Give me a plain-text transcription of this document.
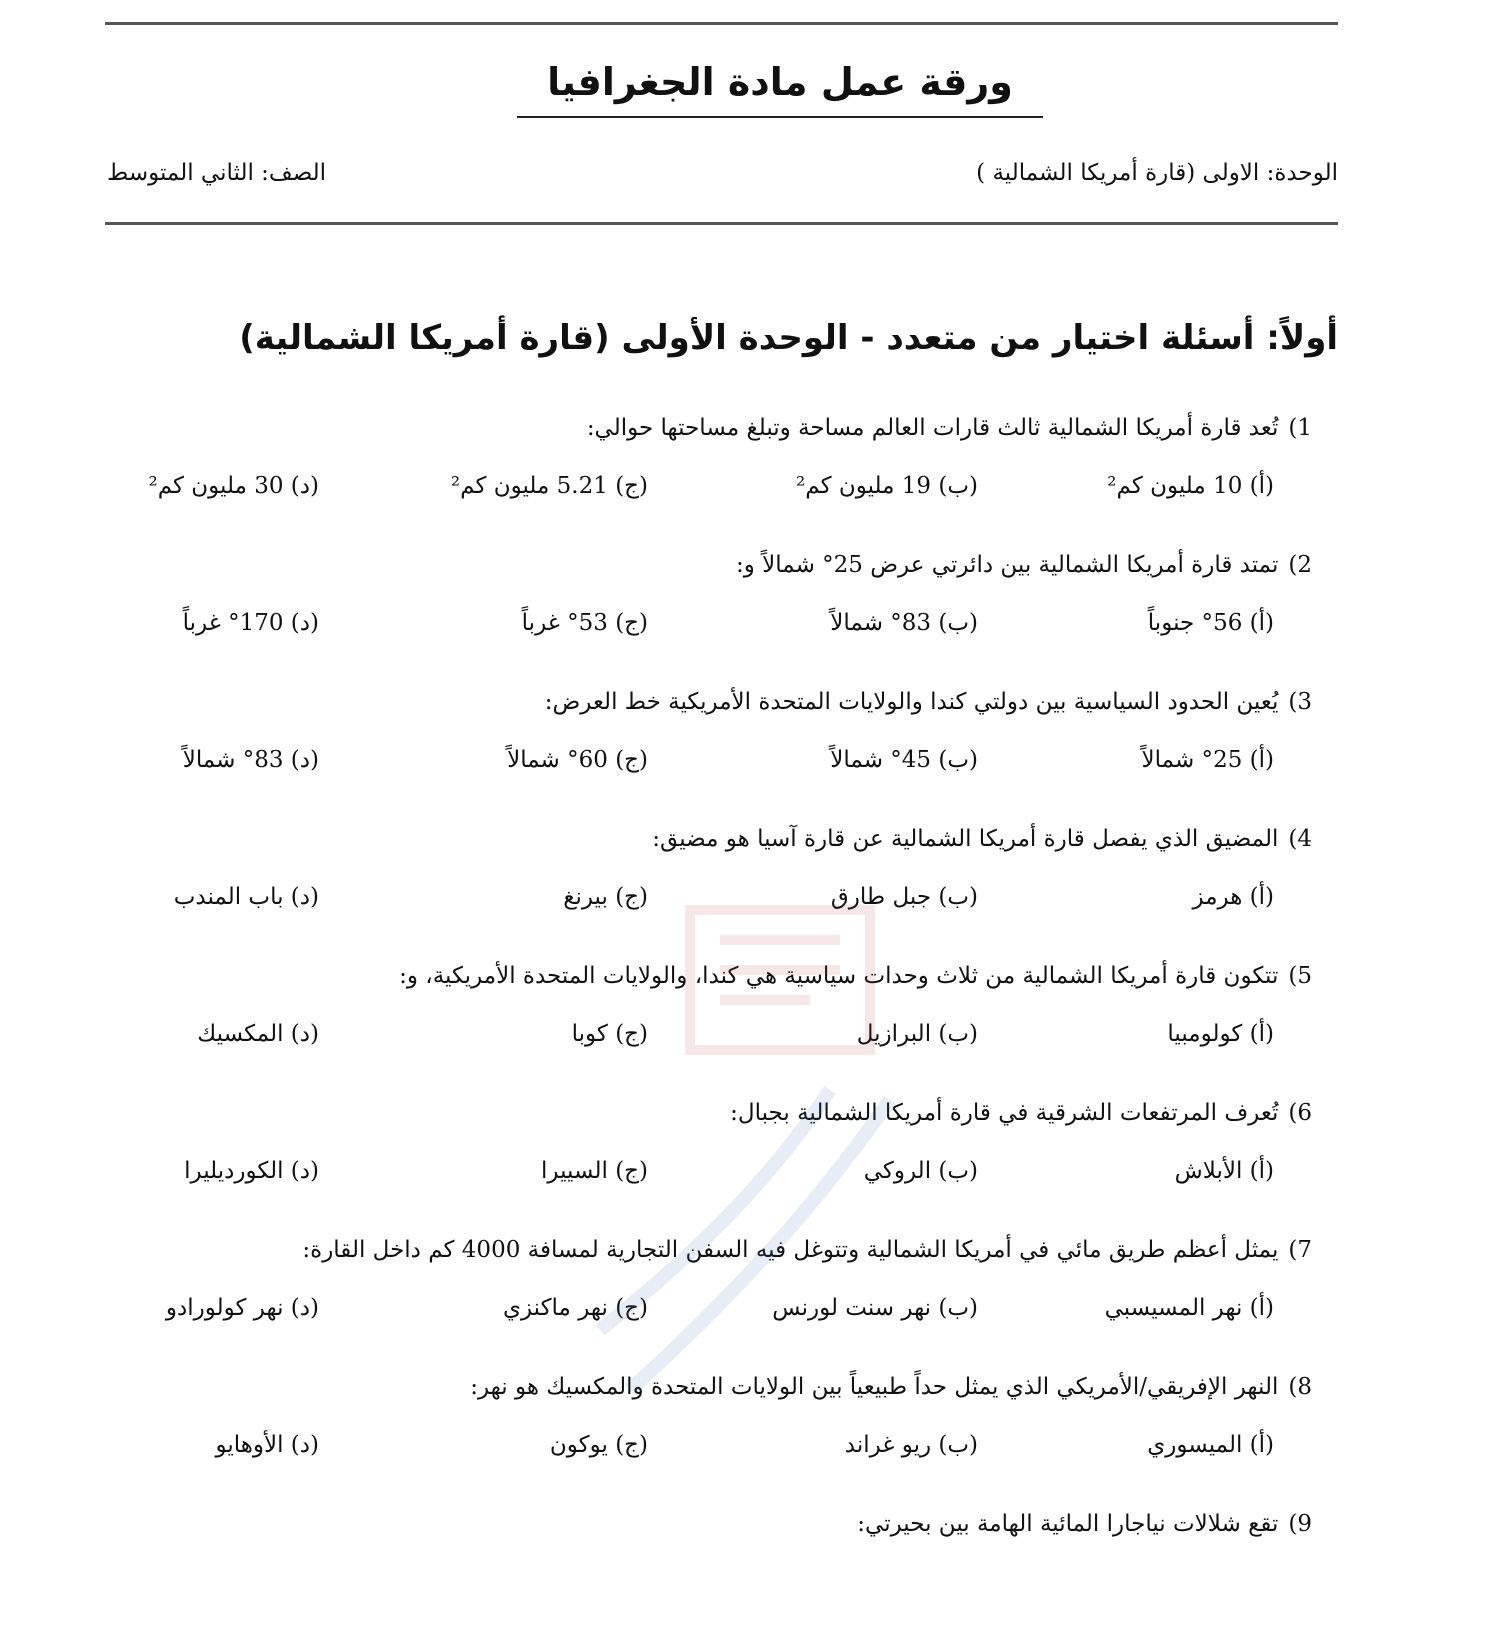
ورقة عمل مادة الجغرافيا
الوحدة: الاولى (قارة أمريكا الشمالية )
الصف: الثاني المتوسط
أولاً: أسئلة اختيار من متعدد - الوحدة الأولى (قارة أمريكا الشمالية)
1)تُعد قارة أمريكا الشمالية ثالث قارات العالم مساحة وتبلغ مساحتها حوالي:
(أ) 10 مليون كم²
(ب) 19 مليون كم²
(ج) 5.21 مليون كم²
(د) 30 مليون كم²
2)تمتد قارة أمريكا الشمالية بين دائرتي عرض 25° شمالاً و:
(أ) 56° جنوباً
(ب) 83° شمالاً
(ج) 53° غرباً
(د) 170° غرباً
3)يُعين الحدود السياسية بين دولتي كندا والولايات المتحدة الأمريكية خط العرض:
(أ) 25° شمالاً
(ب) 45° شمالاً
(ج) 60° شمالاً
(د) 83° شمالاً
4)المضيق الذي يفصل قارة أمريكا الشمالية عن قارة آسيا هو مضيق:
(أ) هرمز
(ب) جبل طارق
(ج) بيرنغ
(د) باب المندب
5)تتكون قارة أمريكا الشمالية من ثلاث وحدات سياسية هي كندا، والولايات المتحدة الأمريكية، و:
(أ) كولومبيا
(ب) البرازيل
(ج) كوبا
(د) المكسيك
6)تُعرف المرتفعات الشرقية في قارة أمريكا الشمالية بجبال:
(أ) الأبلاش
(ب) الروكي
(ج) السييرا
(د) الكورديليرا
7)يمثل أعظم طريق مائي في أمريكا الشمالية وتتوغل فيه السفن التجارية لمسافة 4000 كم داخل القارة:
(أ) نهر المسيسبي
(ب) نهر سنت لورنس
(ج) نهر ماكنزي
(د) نهر كولورادو
8)النهر الإفريقي/الأمريكي الذي يمثل حداً طبيعياً بين الولايات المتحدة والمكسيك هو نهر:
(أ) الميسوري
(ب) ريو غراند
(ج) يوكون
(د) الأوهايو
9)تقع شلالات نياجارا المائية الهامة بين بحيرتي:
